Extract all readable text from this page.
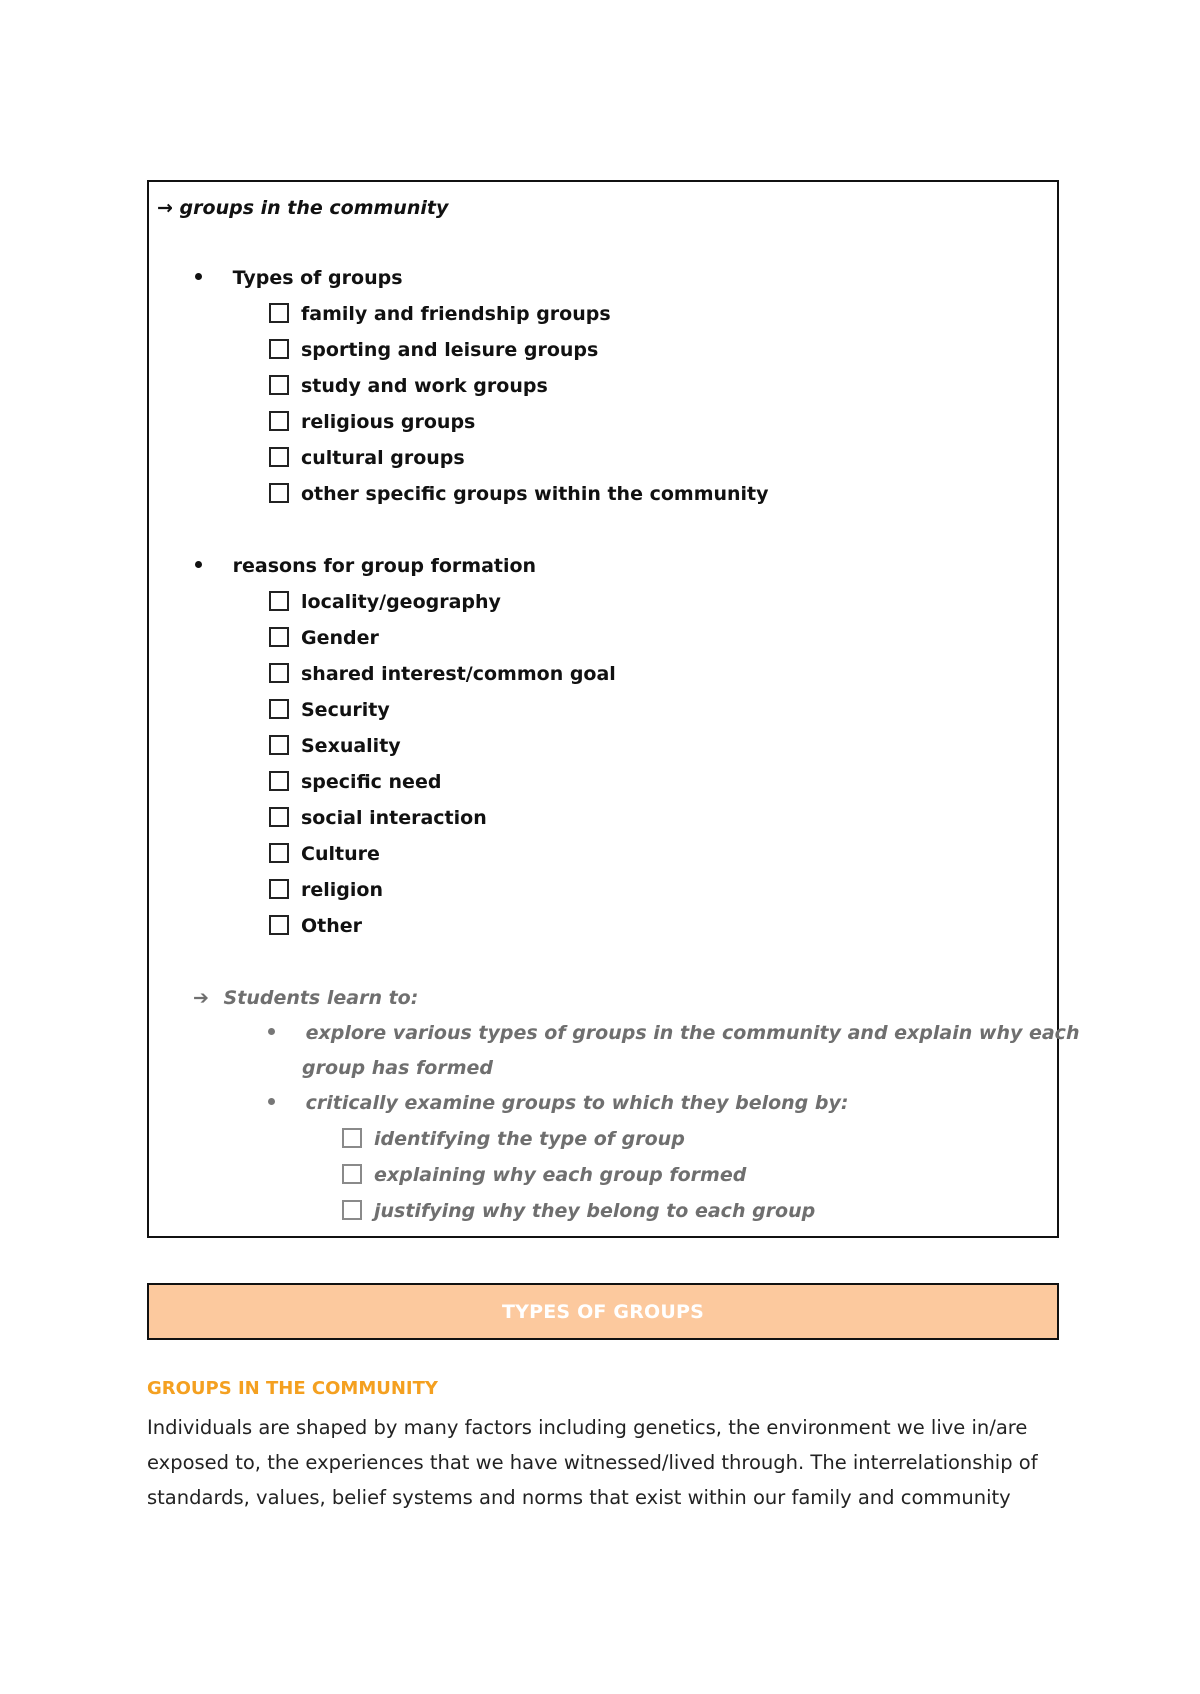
→ groups in the community
Types of groups
family and friendship groups
sporting and leisure groups
study and work groups
religious groups
cultural groups
other specific groups within the community
reasons for group formation
locality/geography
Gender
shared interest/common goal
Security
Sexuality
specific need
social interaction
Culture
religion
Other
➔ Students learn to:
explore various types of groups in the community and explain why each
group has formed
critically examine groups to which they belong by:
identifying the type of group
explaining why each group formed
justifying why they belong to each group
TYPES OF GROUPS
GROUPS IN THE COMMUNITY
Individuals are shaped by many factors including genetics, the environment we live in/are
exposed to, the experiences that we have witnessed/lived through. The interrelationship of
standards, values, belief systems and norms that exist within our family and community
